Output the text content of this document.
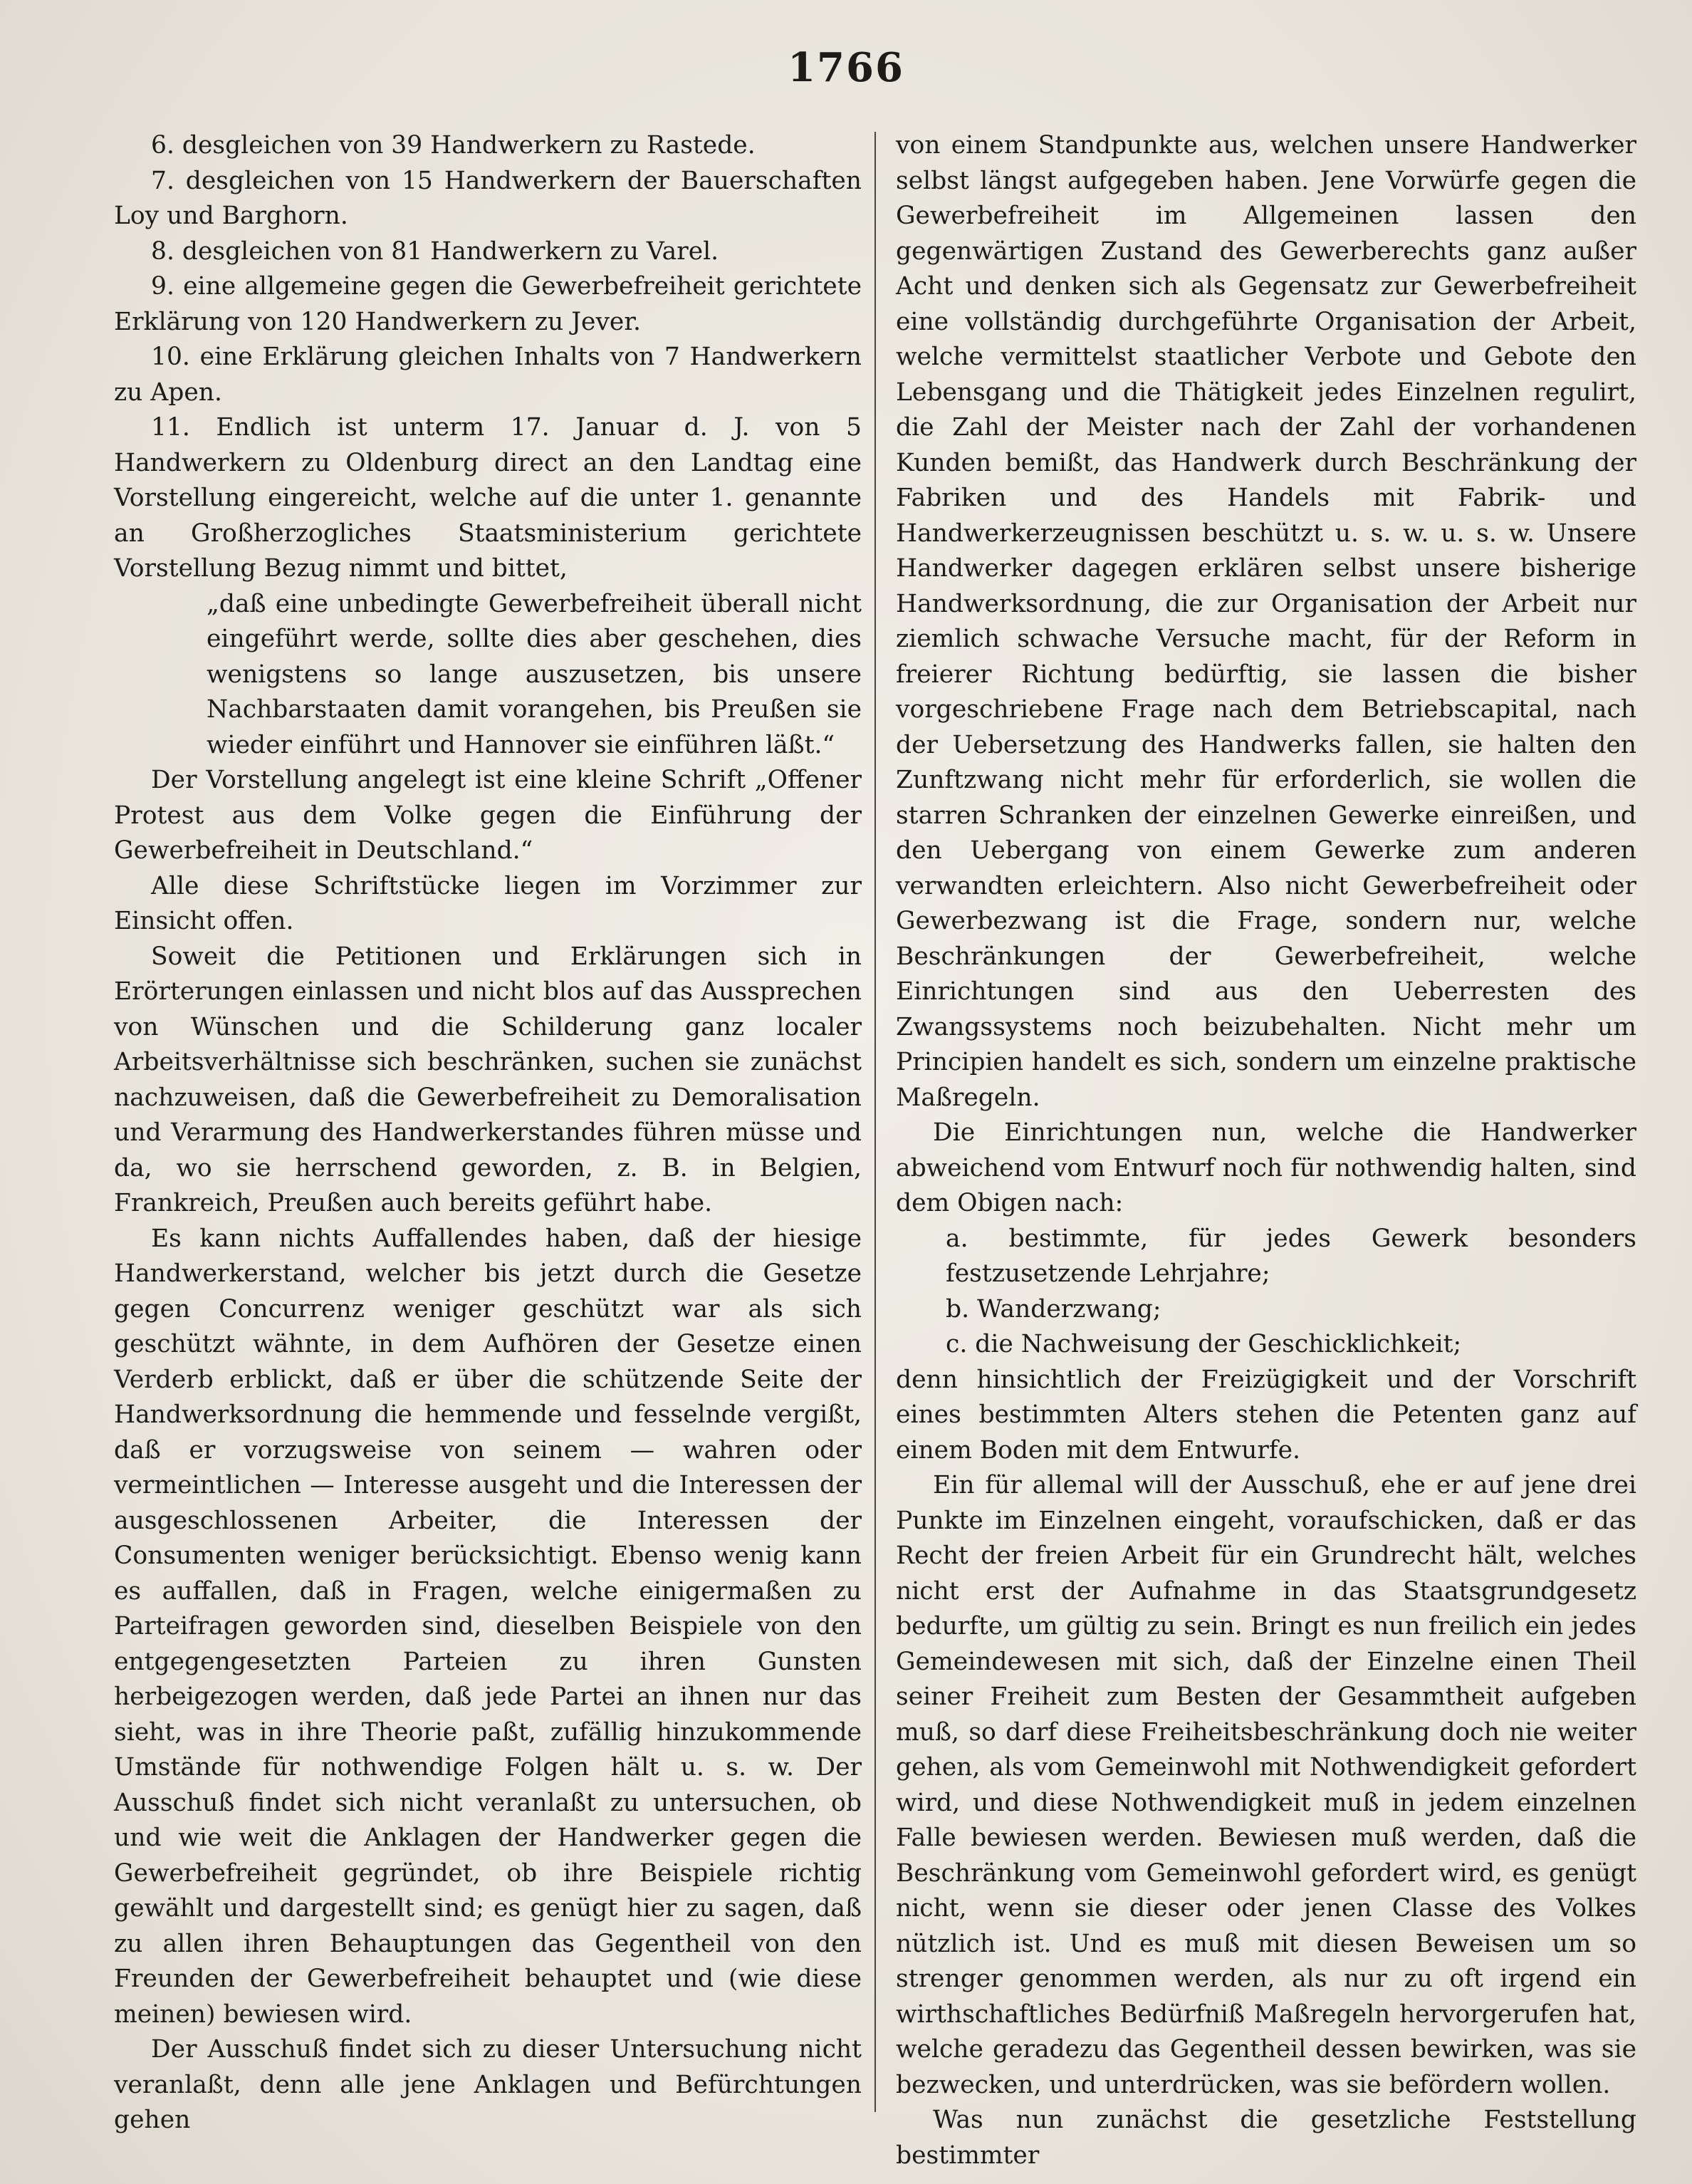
1766

6. desgleichen von 39 Handwerkern zu Rastede.

7. desgleichen von 15 Handwerkern der Bauerschaften Loy und Barghorn.

8. desgleichen von 81 Handwerkern zu Varel.

9. eine allgemeine gegen die Gewerbefreiheit gerichtete Erklärung von 120 Handwerkern zu Jever.

10. eine Erklärung gleichen Inhalts von 7 Handwerkern zu Apen.

11. Endlich ist unterm 17. Januar d. J. von 5 Handwerkern zu Oldenburg direct an den Landtag eine Vorstellung eingereicht, welche auf die unter 1. genannte an Großherzogliches Staatsministerium gerichtete Vorstellung Bezug nimmt und bittet,

„daß eine unbedingte Gewerbefreiheit überall nicht eingeführt werde, sollte dies aber geschehen, dies wenigstens so lange auszusetzen, bis unsere Nachbarstaaten damit vorangehen, bis Preußen sie wieder einführt und Hannover sie einführen läßt.“

Der Vorstellung angelegt ist eine kleine Schrift „Offener Protest aus dem Volke gegen die Einführung der Gewerbefreiheit in Deutschland.“

Alle diese Schriftstücke liegen im Vorzimmer zur Einsicht offen.

Soweit die Petitionen und Erklärungen sich in Erörterungen einlassen und nicht blos auf das Aussprechen von Wünschen und die Schilderung ganz localer Arbeitsverhältnisse sich beschränken, suchen sie zunächst nachzuweisen, daß die Gewerbefreiheit zu Demoralisation und Verarmung des Handwerkerstandes führen müsse und da, wo sie herrschend geworden, z. B. in Belgien, Frankreich, Preußen auch bereits geführt habe.

Es kann nichts Auffallendes haben, daß der hiesige Handwerkerstand, welcher bis jetzt durch die Gesetze gegen Concurrenz weniger geschützt war als sich geschützt wähnte, in dem Aufhören der Gesetze einen Verderb erblickt, daß er über die schützende Seite der Handwerksordnung die hemmende und fesselnde vergißt, daß er vorzugsweise von seinem — wahren oder vermeintlichen — Interesse ausgeht und die Interessen der ausgeschlossenen Arbeiter, die Interessen der Consumenten weniger berücksichtigt. Ebenso wenig kann es auffallen, daß in Fragen, welche einigermaßen zu Parteifragen geworden sind, dieselben Beispiele von den entgegengesetzten Parteien zu ihren Gunsten herbeigezogen werden, daß jede Partei an ihnen nur das sieht, was in ihre Theorie paßt, zufällig hinzukommende Umstände für nothwendige Folgen hält u. s. w. Der Ausschuß findet sich nicht veranlaßt zu untersuchen, ob und wie weit die Anklagen der Handwerker gegen die Gewerbefreiheit gegründet, ob ihre Beispiele richtig gewählt und dargestellt sind; es genügt hier zu sagen, daß zu allen ihren Behauptungen das Gegentheil von den Freunden der Gewerbefreiheit behauptet und (wie diese meinen) bewiesen wird.

Der Ausschuß findet sich zu dieser Untersuchung nicht veranlaßt, denn alle jene Anklagen und Befürchtungen gehen

von einem Standpunkte aus, welchen unsere Handwerker selbst längst aufgegeben haben. Jene Vorwürfe gegen die Gewerbefreiheit im Allgemeinen lassen den gegenwärtigen Zustand des Gewerberechts ganz außer Acht und denken sich als Gegensatz zur Gewerbefreiheit eine vollständig durchgeführte Organisation der Arbeit, welche vermittelst staatlicher Verbote und Gebote den Lebensgang und die Thätigkeit jedes Einzelnen regulirt, die Zahl der Meister nach der Zahl der vorhandenen Kunden bemißt, das Handwerk durch Beschränkung der Fabriken und des Handels mit Fabrik- und Handwerkerzeugnissen beschützt u. s. w. u. s. w. Unsere Handwerker dagegen erklären selbst unsere bisherige Handwerksordnung, die zur Organisation der Arbeit nur ziemlich schwache Versuche macht, für der Reform in freierer Richtung bedürftig, sie lassen die bisher vorgeschriebene Frage nach dem Betriebscapital, nach der Uebersetzung des Handwerks fallen, sie halten den Zunftzwang nicht mehr für erforderlich, sie wollen die starren Schranken der einzelnen Gewerke einreißen, und den Uebergang von einem Gewerke zum anderen verwandten erleichtern. Also nicht Gewerbefreiheit oder Gewerbezwang ist die Frage, sondern nur, welche Beschränkungen der Gewerbefreiheit, welche Einrichtungen sind aus den Ueberresten des Zwangssystems noch beizubehalten. Nicht mehr um Principien handelt es sich, sondern um einzelne praktische Maßregeln.

Die Einrichtungen nun, welche die Handwerker abweichend vom Entwurf noch für nothwendig halten, sind dem Obigen nach:

a. bestimmte, für jedes Gewerk besonders festzusetzende Lehrjahre;

b. Wanderzwang;

c. die Nachweisung der Geschicklichkeit;

denn hinsichtlich der Freizügigkeit und der Vorschrift eines bestimmten Alters stehen die Petenten ganz auf einem Boden mit dem Entwurfe.

Ein für allemal will der Ausschuß, ehe er auf jene drei Punkte im Einzelnen eingeht, voraufschicken, daß er das Recht der freien Arbeit für ein Grundrecht hält, welches nicht erst der Aufnahme in das Staatsgrundgesetz bedurfte, um gültig zu sein. Bringt es nun freilich ein jedes Gemeindewesen mit sich, daß der Einzelne einen Theil seiner Freiheit zum Besten der Gesammtheit aufgeben muß, so darf diese Freiheitsbeschränkung doch nie weiter gehen, als vom Gemeinwohl mit Nothwendigkeit gefordert wird, und diese Nothwendigkeit muß in jedem einzelnen Falle bewiesen werden. Bewiesen muß werden, daß die Beschränkung vom Gemeinwohl gefordert wird, es genügt nicht, wenn sie dieser oder jenen Classe des Volkes nützlich ist. Und es muß mit diesen Beweisen um so strenger genommen werden, als nur zu oft irgend ein wirthschaftliches Bedürfniß Maßregeln hervorgerufen hat, welche geradezu das Gegentheil dessen bewirken, was sie bezwecken, und unterdrücken, was sie befördern wollen.

Was nun zunächst die gesetzliche Feststellung bestimmter
